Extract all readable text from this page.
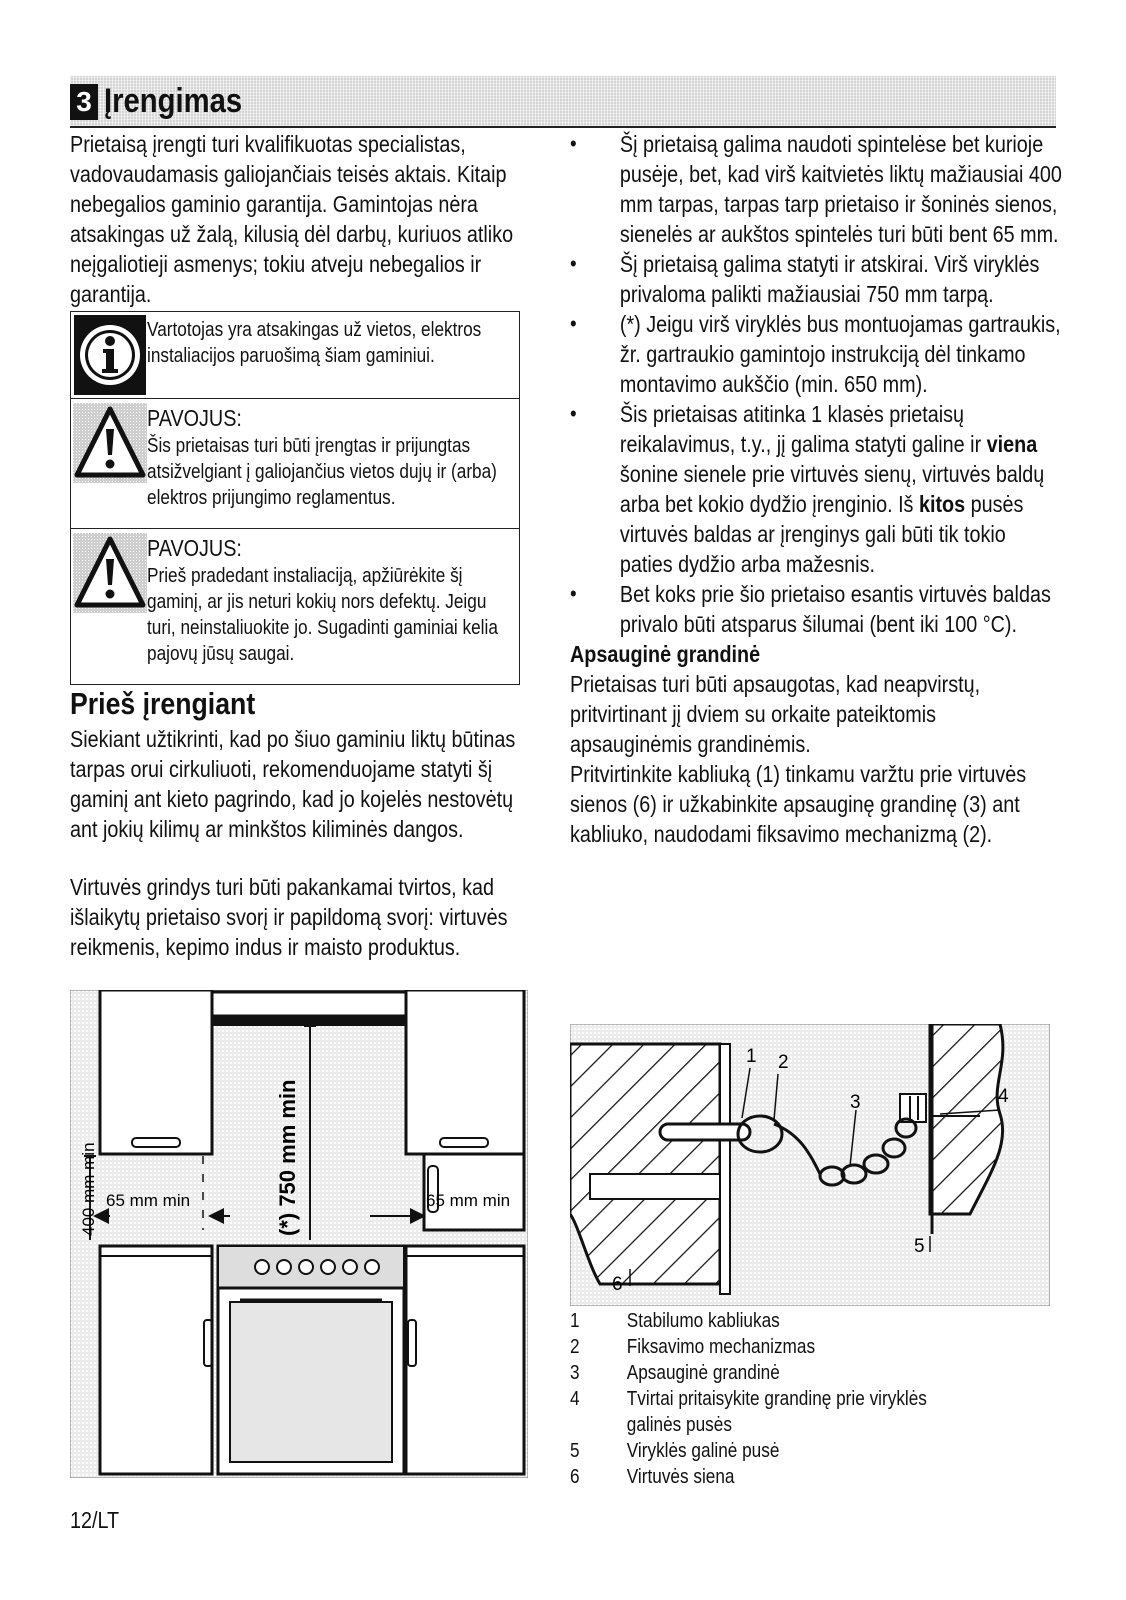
3 Įrengimas

Prietaisą įrengti turi kvalifikuotas specialistas, vadovaudamasis galiojančiais teisės aktais. Kitaip nebegalios gaminio garantija. Gamintojas nėra atsakingas už žalą, kilusią dėl darbų, kuriuos atliko neįgaliotieji asmenys; tokiu atveju nebegalios ir garantija.

Vartotojas yra atsakingas už vietos, elektros instaliacijos paruošimą šiam gaminiui.

PAVOJUS:

Šis prietaisas turi būti įrengtas ir prijungtas atsižvelgiant į galiojančius vietos dujų ir (arba) elektros prijungimo reglamentus.

PAVOJUS:

Prieš pradedant instaliaciją, apžiūrėkite šį gaminį, ar jis neturi kokių nors defektų. Jeigu turi, neinstaliuokite jo. Sugadinti gaminiai kelia pajovų jūsų saugai.

Prieš įrengiant

Siekiant užtikrinti, kad po šiuo gaminiu liktų būtinas tarpas orui cirkuliuoti, rekomenduojame statyti šį gaminį ant kieto pagrindo, kad jo kojelės nestovėtų ant jokių kilimų ar minkštos kiliminės dangos.

Virtuvės grindys turi būti pakankamai tvirtos, kad išlaikytų prietaiso svorį ir papildomą svorį: virtuvės reikmenis, kepimo indus ir maisto produktus.

400 mm min 65 mm min	65 mm min
(*) 750 mm min
• Šį prietaisą galima naudoti spintelėse bet kurioje pusėje, bet, kad virš kaitvietės liktų mažiausiai 400 mm tarpas, tarpas tarp prietaiso ir šoninės sienos, sienelės ar aukštos spintelės turi būti bent 65 mm.
• Šį prietaisą galima statyti ir atskirai. Virš viryklės privaloma palikti mažiausiai 750 mm tarpą.
• (*) Jeigu virš viryklės bus montuojamas gartraukis, žr. gartraukio gamintojo instrukciją dėl tinkamo montavimo aukščio (min. 650 mm).
• Šis prietaisas atitinka 1 klasės prietaisų reikalavimus, t.y., jį galima statyti galine ir viena šonine sienele prie virtuvės sienų, virtuvės baldų arba bet kokio dydžio įrenginio. Iš kitos pusės virtuvės baldas ar įrenginys gali būti tik tokio paties dydžio arba mažesnis.
• Bet koks prie šio prietaiso esantis virtuvės baldas privalo būti atsparus šilumai (bent iki 100 °C).

Apsauginė grandinė

Prietaisas turi būti apsaugotas, kad neapvirstų, pritvirtinant jį dviem su orkaite pateiktomis apsauginėmis grandinėmis.

Pritvirtinkite kabliuką (1) tinkamu varžtu prie virtuvės sienos (6) ir užkabinkite apsauginę grandinę (3) ant kabliuko, naudodami fiksavimo mechanizmą (2).

1 2
3	4
5
6
1	Stabilumo kabliukas
2	Fiksavimo mechanizmas
3	Apsauginė grandinė
4	Tvirtai pritaisykite grandinę prie viryklės galinės pusės
5	Viryklės galinė pusė
6	Virtuvės siena
12/LT
